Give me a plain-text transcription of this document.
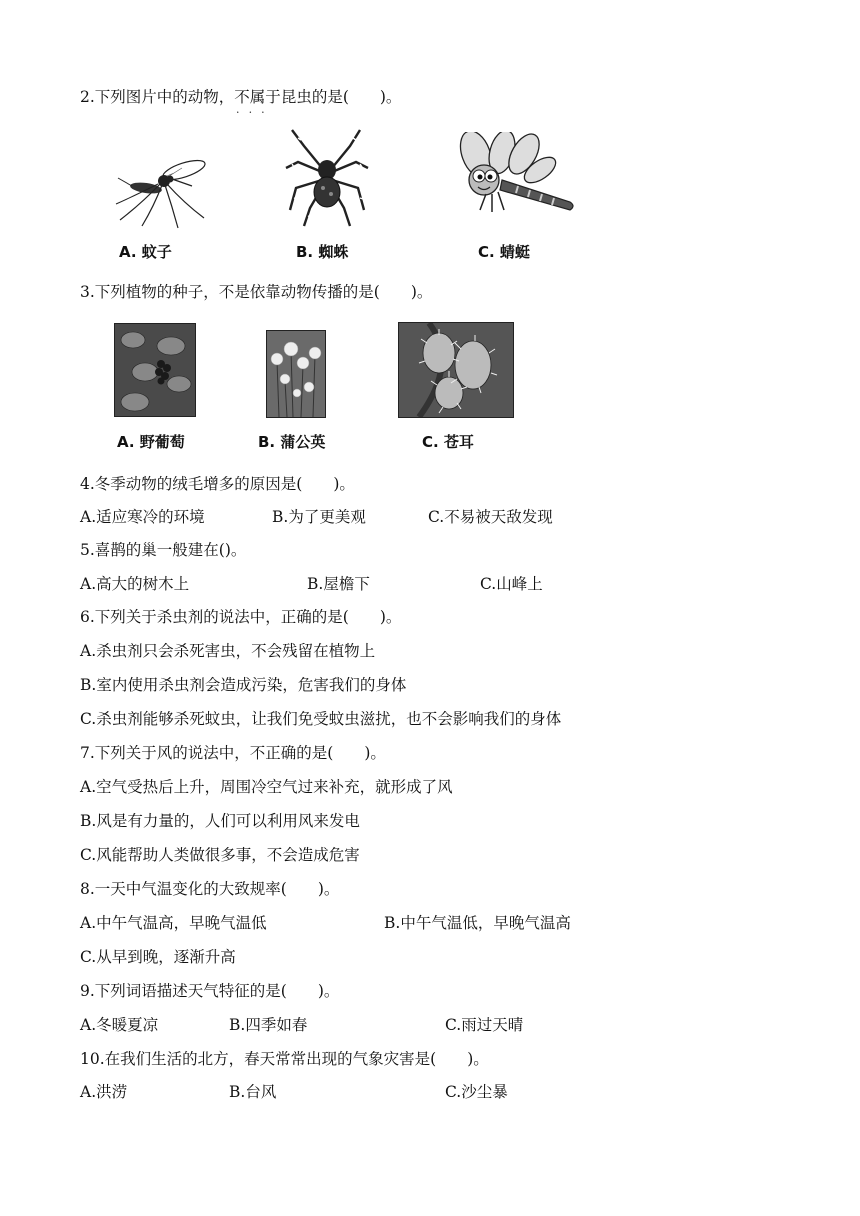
2.下列图片中的动物，不属于 • • •昆虫的是(　　)。
A. 蚊子	B. 蜘蛛	C. 蜻蜓
3.下列植物的种子，不是依靠动物传播的是(　　)。
A. 野葡萄	B. 蒲公英	C. 苍耳
4.冬季动物的绒毛增多的原因是(　　)。
A.适应寒冷的环境	B.为了更美观	C.不易被天敌发现
5.喜鹊的巢一般建在()。
A.高大的树木上	B.屋檐下	C.山峰上
6.下列关于杀虫剂的说法中，正确的是(　　)。
A.杀虫剂只会杀死害虫，不会残留在植物上
B.室内使用杀虫剂会造成污染，危害我们的身体
C.杀虫剂能够杀死蚊虫，让我们免受蚊虫滋扰，也不会影响我们的身体
7.下列关于风的说法中，不正确的是(　　)。
A.空气受热后上升，周围冷空气过来补充，就形成了风
B.风是有力量的，人们可以利用风来发电
C.风能帮助人类做很多事，不会造成危害
8.一天中气温变化的大致规率(　　)。
A.中午气温高，早晚气温低	B.中午气温低，早晚气温高
C.从早到晚，逐渐升高
9.下列词语描述天气特征的是(　　)。
A.冬暖夏凉	B.四季如春	C.雨过天晴
10.在我们生活的北方，春天常常出现的气象灾害是(　　)。
A.洪涝	B.台风	C.沙尘暴
